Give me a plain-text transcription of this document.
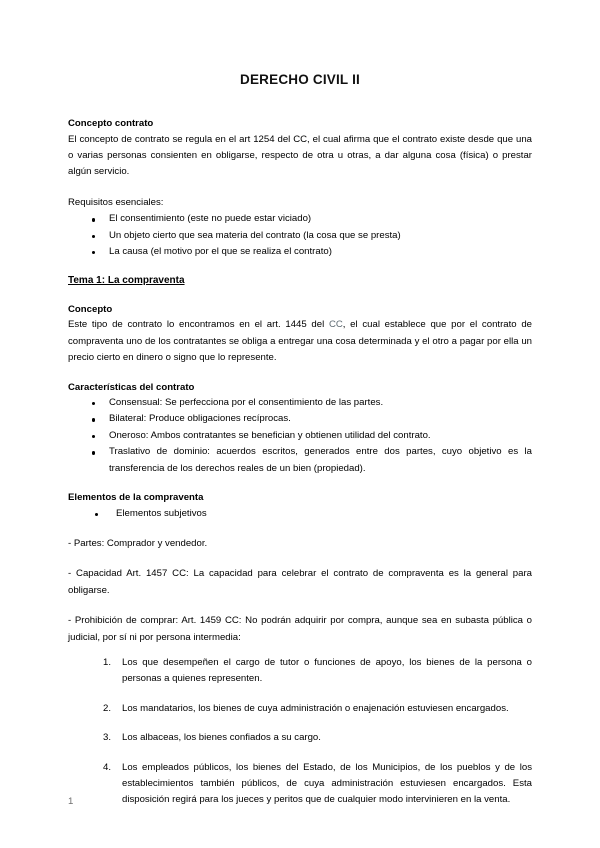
DERECHO CIVIL II
Concepto contrato

El concepto de contrato se regula en el art 1254 del CC, el cual afirma que el contrato existe desde que una o varias personas consienten en obligarse, respecto de otra u otras, a dar alguna cosa (física) o prestar algún servicio.

Requisitos esenciales:

El consentimiento (este no puede estar viciado)
Un objeto cierto que sea materia del contrato (la cosa que se presta)
La causa (el motivo por el que se realiza el contrato)
Tema 1: La compraventa
Concepto

Este tipo de contrato lo encontramos en el art. 1445 del CC, el cual establece que por el contrato de compraventa uno de los contratantes se obliga a entregar una cosa determinada y el otro a pagar por ella un precio cierto en dinero o signo que lo represente.

Características del contrato
Consensual: Se perfecciona por el consentimiento de las partes.
Bilateral: Produce obligaciones recíprocas.
Oneroso: Ambos contratantes se benefician y obtienen utilidad del contrato.
Traslativo de dominio: acuerdos escritos, generados entre dos partes, cuyo objetivo es la transferencia de los derechos reales de un bien (propiedad).
Elementos de la compraventa
Elementos subjetivos

- Partes: Comprador y vendedor.

- Capacidad Art. 1457 CC: La capacidad para celebrar el contrato de compraventa es la general para obligarse.

- Prohibición de comprar: Art. 1459 CC: No podrán adquirir por compra, aunque sea en subasta pública o judicial, por sí ni por persona intermedia:

Los que desempeñen el cargo de tutor o funciones de apoyo, los bienes de la persona o personas a quienes representen.
Los mandatarios, los bienes de cuya administración o enajenación estuviesen encargados.
Los albaceas, los bienes confiados a su cargo.
Los empleados públicos, los bienes del Estado, de los Municipios, de los pueblos y de los establecimientos también públicos, de cuya administración estuviesen encargados. Esta disposición regirá para los jueces y peritos que de cualquier modo intervinieren en la venta.
1
